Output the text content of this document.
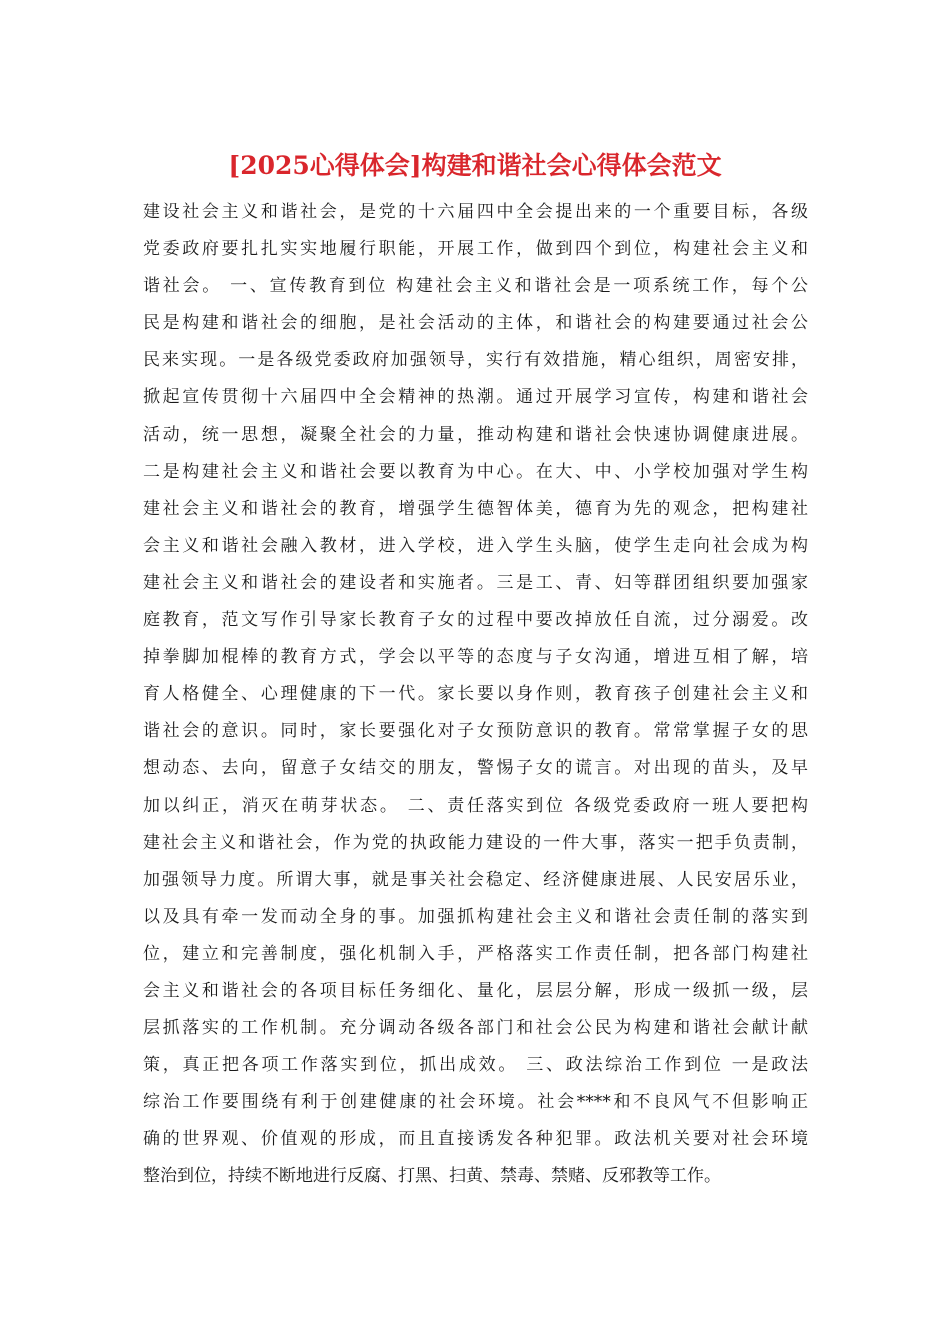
[2025心得体会]构建和谐社会心得体会范文
建设社会主义和谐社会，是党的十六届四中全会提出来的一个重要目标，各级
党委政府要扎扎实实地履行职能，开展工作，做到四个到位，构建社会主义和
谐社会。 一、宣传教育到位 构建社会主义和谐社会是一项系统工作，每个公
民是构建和谐社会的细胞，是社会活动的主体，和谐社会的构建要通过社会公
民来实现。一是各级党委政府加强领导，实行有效措施，精心组织，周密安排，
掀起宣传贯彻十六届四中全会精神的热潮。通过开展学习宣传，构建和谐社会
活动，统一思想，凝聚全社会的力量，推动构建和谐社会快速协调健康进展。
二是构建社会主义和谐社会要以教育为中心。在大、中、小学校加强对学生构
建社会主义和谐社会的教育，增强学生德智体美，德育为先的观念，把构建社
会主义和谐社会融入教材，进入学校，进入学生头脑，使学生走向社会成为构
建社会主义和谐社会的建设者和实施者。三是工、青、妇等群团组织要加强家
庭教育，范文写作引导家长教育子女的过程中要改掉放任自流，过分溺爱。改
掉拳脚加棍棒的教育方式，学会以平等的态度与子女沟通，增进互相了解，培
育人格健全、心理健康的下一代。家长要以身作则，教育孩子创建社会主义和
谐社会的意识。同时，家长要强化对子女预防意识的教育。常常掌握子女的思
想动态、去向，留意子女结交的朋友，警惕子女的谎言。对出现的苗头，及早
加以纠正，消灭在萌芽状态。 二、责任落实到位 各级党委政府一班人要把构
建社会主义和谐社会，作为党的执政能力建设的一件大事，落实一把手负责制，
加强领导力度。所谓大事，就是事关社会稳定、经济健康进展、人民安居乐业，
以及具有牵一发而动全身的事。加强抓构建社会主义和谐社会责任制的落实到
位，建立和完善制度，强化机制入手，严格落实工作责任制，把各部门构建社
会主义和谐社会的各项目标任务细化、量化，层层分解，形成一级抓一级，层
层抓落实的工作机制。充分调动各级各部门和社会公民为构建和谐社会献计献
策，真正把各项工作落实到位，抓出成效。 三、政法综治工作到位 一是政法
综治工作要围绕有利于创建健康的社会环境。社会****和不良风气不但影响正
确的世界观、价值观的形成，而且直接诱发各种犯罪。政法机关要对社会环境
整治到位，持续不断地进行反腐、打黑、扫黄、禁毒、禁赌、反邪教等工作。
